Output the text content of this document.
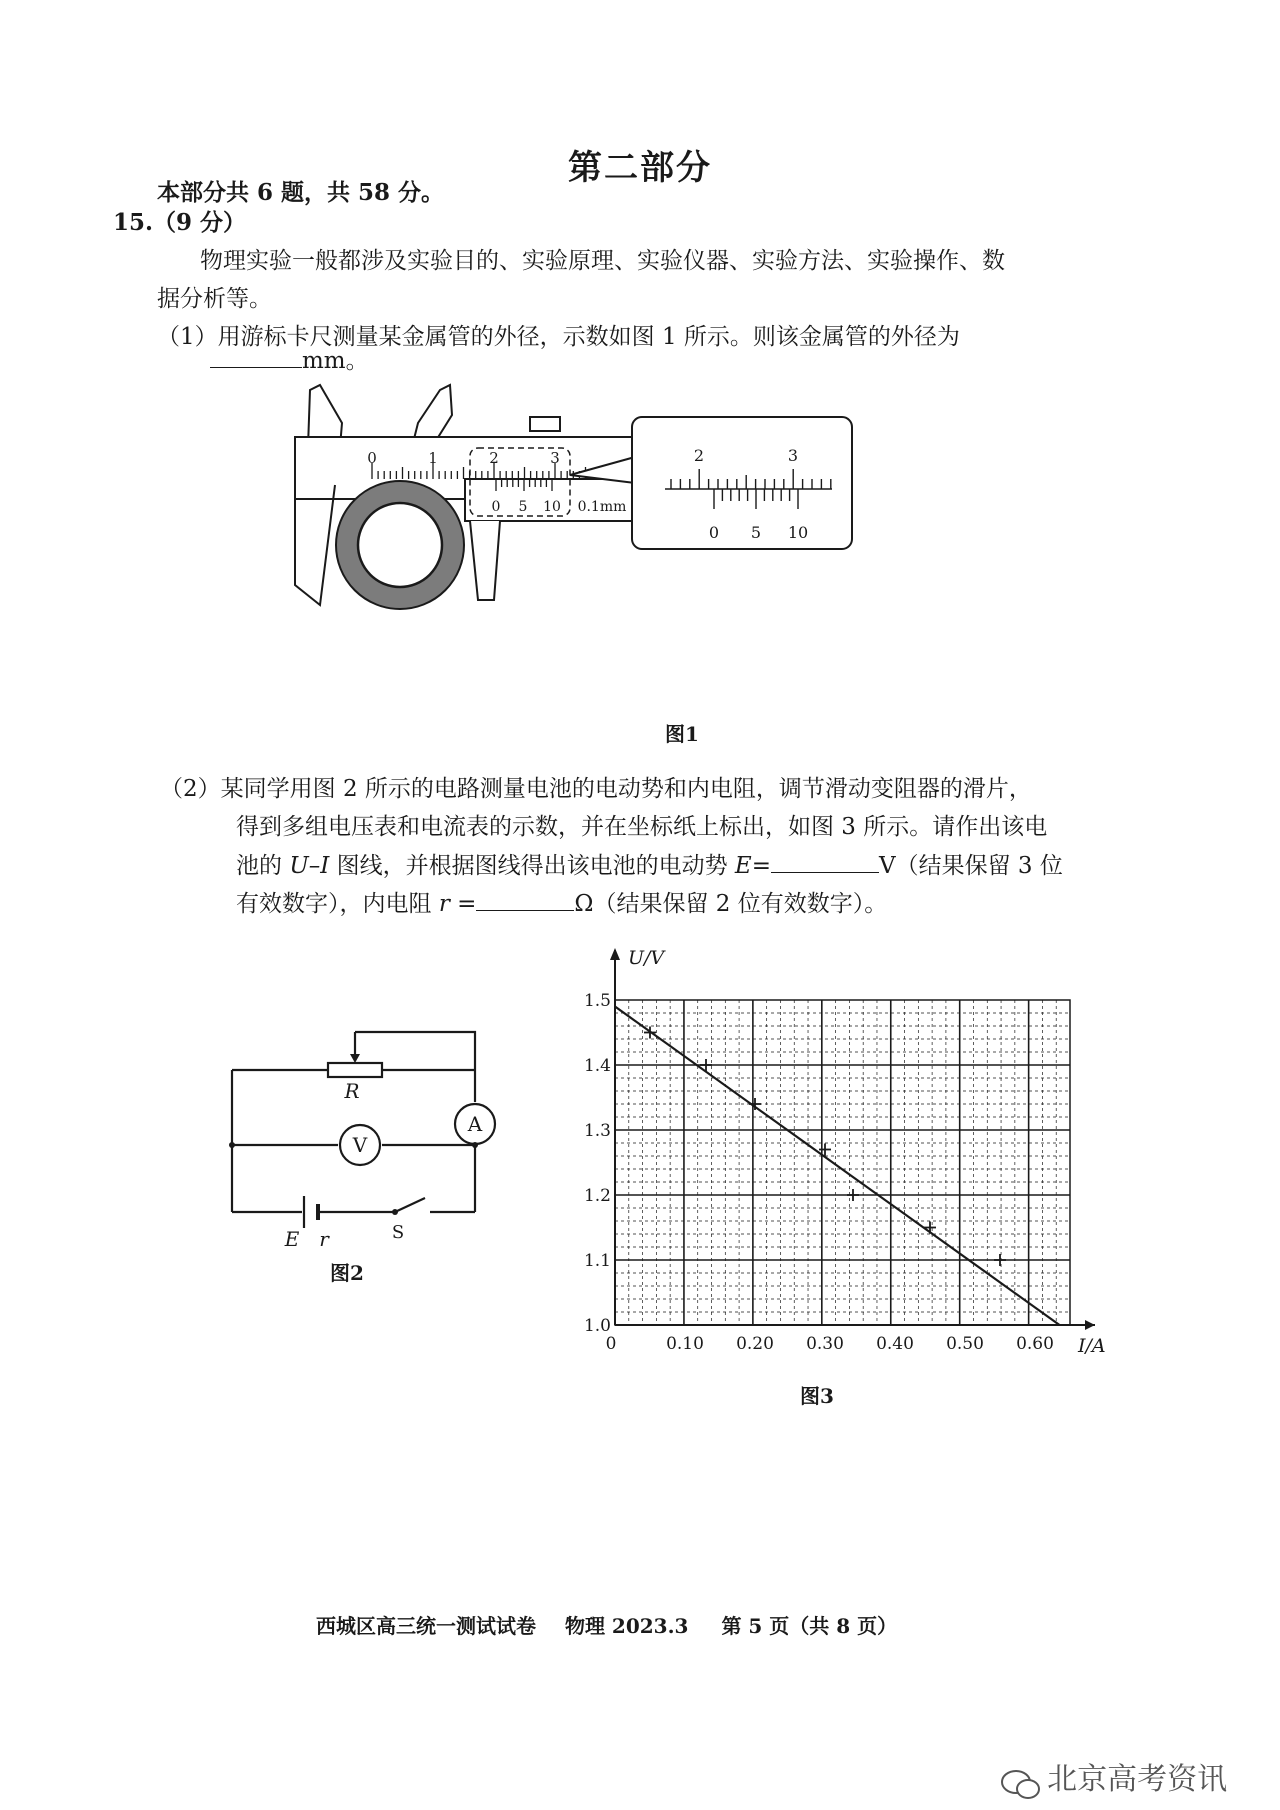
第二部分
本部分共 6 题，共 58 分。
15.（9 分）
物理实验一般都涉及实验目的、实验原理、实验仪器、实验方法、实验操作、数
据分析等。
（1）用游标卡尺测量某金属管的外径，示数如图 1 所示。则该金属管的外径为
mm。
0	1	2	3
0 5 10 0.1mm
2	3
0 5 10
图1
（2）某同学用图 2 所示的电路测量电池的电动势和内电阻，调节滑动变阻器的滑片，
得到多组电压表和电流表的示数，并在坐标纸上标出，如图 3 所示。请作出该电
池的 U–I 图线，并根据图线得出该电池的电动势 E=	V（结果保留 3 位
有效数字），内电阻 r =	Ω（结果保留 2 位有效数字）。
R
A
V
E r	S
图2
U/V
I/A
0	0.10 0.20 0.30 0.40 0.50 0.60
1.0
1.1
1.2
1.3
1.4
1.5
图3
西城区高三统一测试试卷 物理 2023.3 第 5 页（共 8 页）
北京高考资讯
